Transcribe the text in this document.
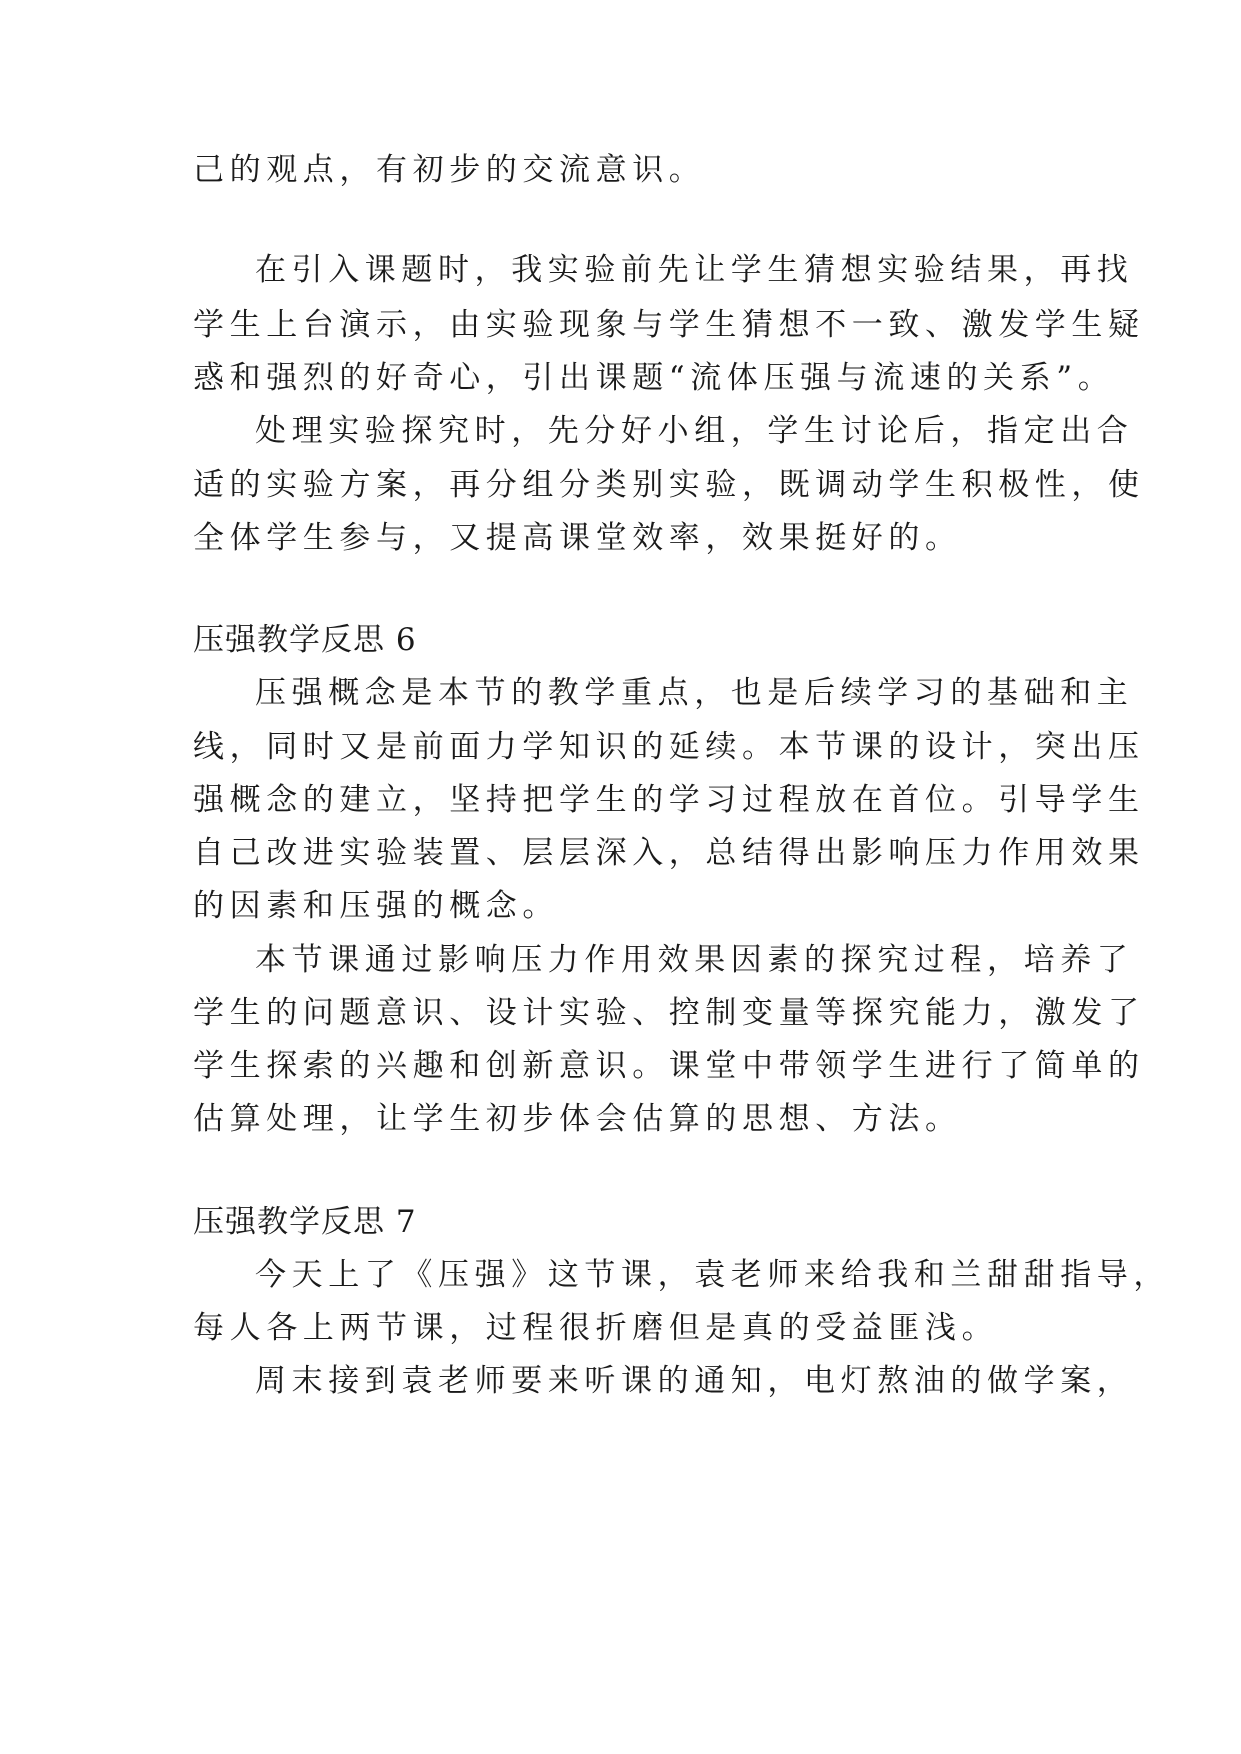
己的观点，有初步的交流意识。

在引入课题时，我实验前先让学生猜想实验结果，再找

学生上台演示，由实验现象与学生猜想不一致、激发学生疑

惑和强烈的好奇心，引出课题“流体压强与流速的关系”。

处理实验探究时，先分好小组，学生讨论后，指定出合

适的实验方案，再分组分类别实验，既调动学生积极性，使

全体学生参与，又提高课堂效率，效果挺好的。

压强教学反思 6

压强概念是本节的教学重点，也是后续学习的基础和主

线，同时又是前面力学知识的延续。本节课的设计，突出压

强概念的建立，坚持把学生的学习过程放在首位。引导学生

自己改进实验装置、层层深入，总结得出影响压力作用效果

的因素和压强的概念。

本节课通过影响压力作用效果因素的探究过程，培养了

学生的问题意识、设计实验、控制变量等探究能力，激发了

学生探索的兴趣和创新意识。课堂中带领学生进行了简单的

估算处理，让学生初步体会估算的思想、方法。

压强教学反思 7

今天上了《压强》这节课，袁老师来给我和兰甜甜指导，

每人各上两节课，过程很折磨但是真的受益匪浅。

周末接到袁老师要来听课的通知，电灯熬油的做学案，
